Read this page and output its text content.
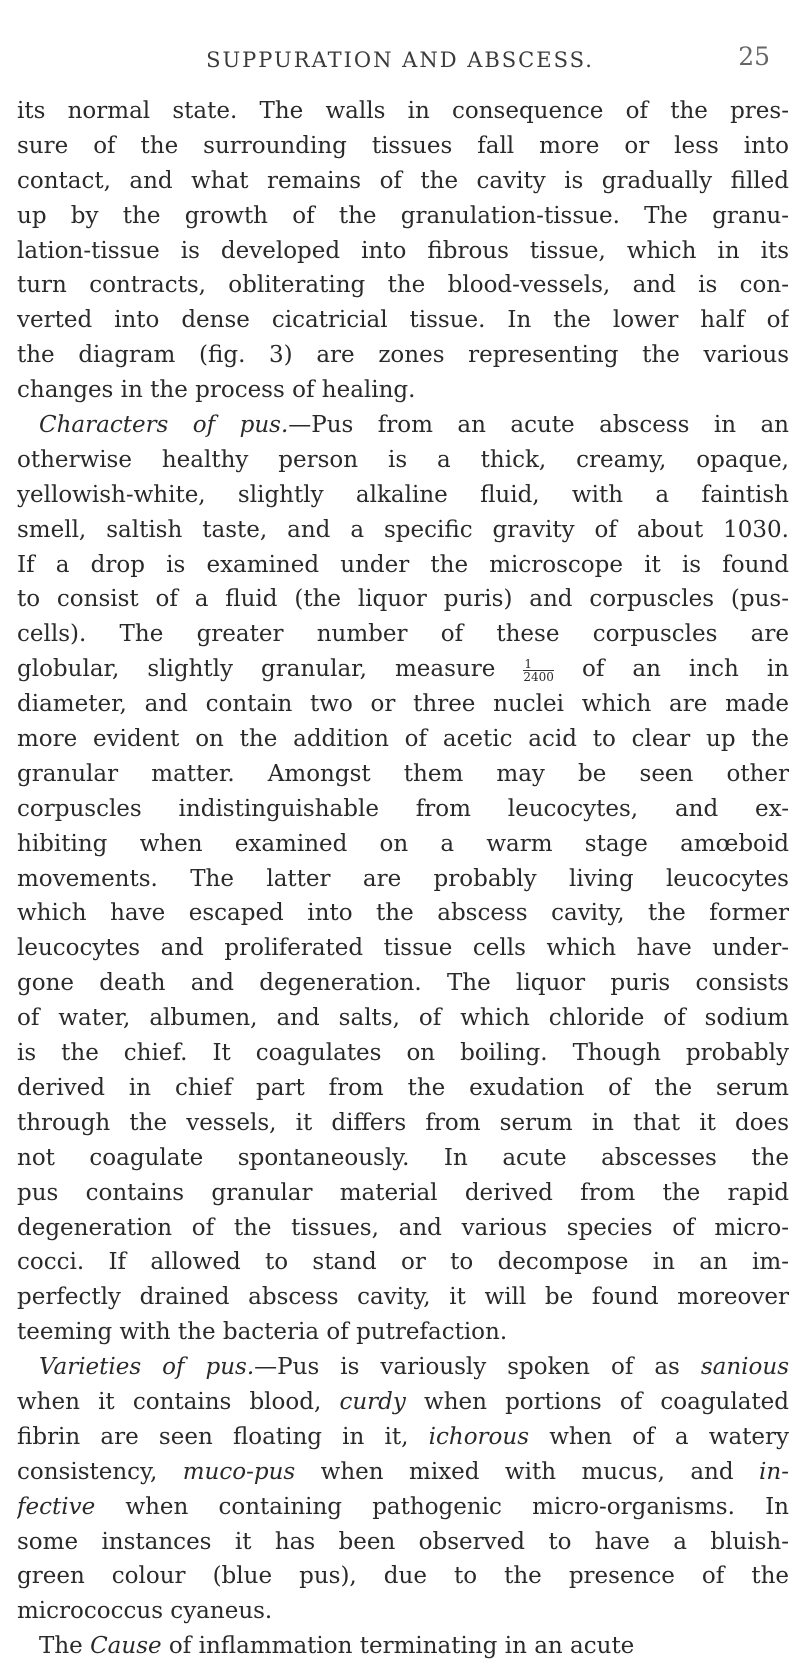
SUPPURATION AND ABSCESS.	25
its normal state. The walls in consequence of the pres-
sure of the surrounding tissues fall more or less into
contact, and what remains of the cavity is gradually filled
up by the growth of the granulation-tissue. The granu-
lation-tissue is developed into fibrous tissue, which in its
turn contracts, obliterating the blood-vessels, and is con-
verted into dense cicatricial tissue. In the lower half of
the diagram (fig. 3) are zones representing the various
changes in the process of healing.
Characters of pus.—Pus from an acute abscess in an
otherwise healthy person is a thick, creamy, opaque,
yellowish-white, slightly alkaline fluid, with a faintish
smell, saltish taste, and a specific gravity of about 1030.
If a drop is examined under the microscope it is found
to consist of a fluid (the liquor puris) and corpuscles (pus-
cells). The greater number of these corpuscles are
globular, slightly granular, measure $\frac{1}{2400}$ of an inch in
diameter, and contain two or three nuclei which are made
more evident on the addition of acetic acid to clear up the
granular matter. Amongst them may be seen other
corpuscles indistinguishable from leucocytes, and ex-
hibiting when examined on a warm stage amœboid
movements. The latter are probably living leucocytes
which have escaped into the abscess cavity, the former
leucocytes and proliferated tissue cells which have under-
gone death and degeneration. The liquor puris consists
of water, albumen, and salts, of which chloride of sodium
is the chief. It coagulates on boiling. Though probably
derived in chief part from the exudation of the serum
through the vessels, it differs from serum in that it does
not coagulate spontaneously. In acute abscesses the
pus contains granular material derived from the rapid
degeneration of the tissues, and various species of micro-
cocci. If allowed to stand or to decompose in an im-
perfectly drained abscess cavity, it will be found moreover
teeming with the bacteria of putrefaction.
Varieties of pus.—Pus is variously spoken of as sanious
when it contains blood, curdy when portions of coagulated
fibrin are seen floating in it, ichorous when of a watery
consistency, muco-pus when mixed with mucus, and in-
fective when containing pathogenic micro-organisms. In
some instances it has been observed to have a bluish-
green colour (blue pus), due to the presence of the
micrococcus cyaneus.
The Cause of inflammation terminating in an acute
